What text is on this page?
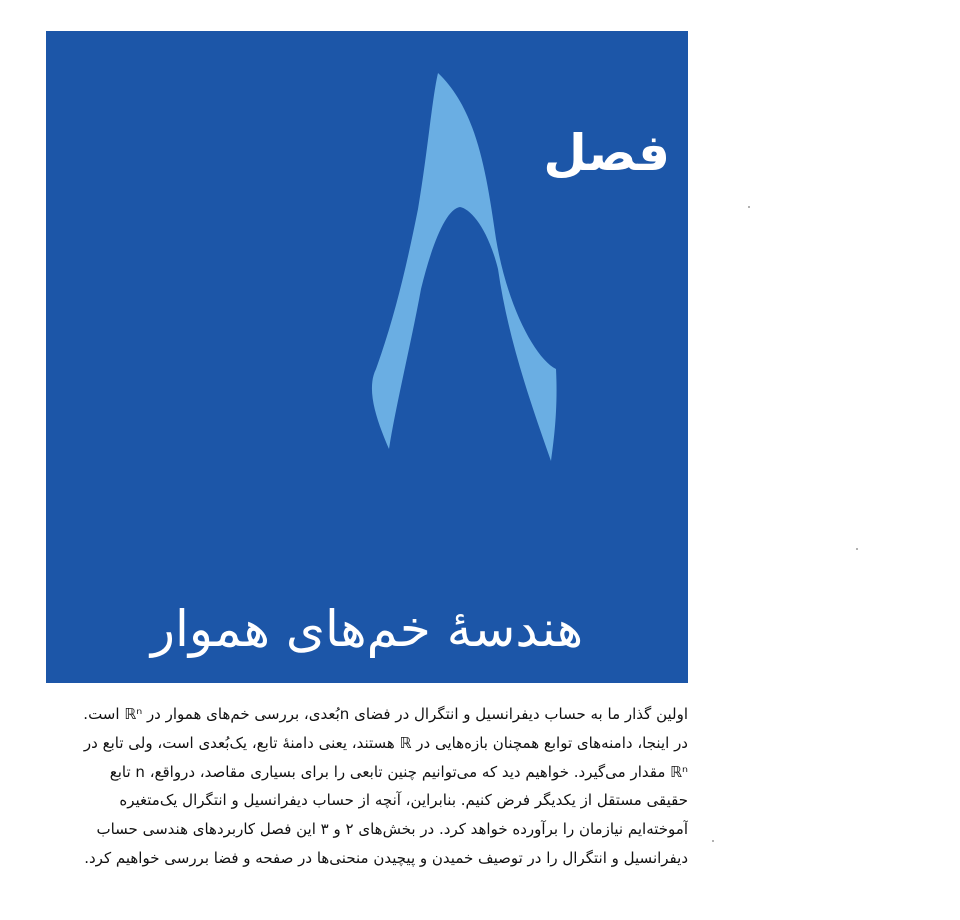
فصل

هندسهٔ خم‌های هموار

اولین گذار ما به حساب دیفرانسیل و انتگرال در فضای nبُعدی، بررسی خم‌های هموار در ℝⁿ است.
در اینجا، دامنه‌های توابع همچنان بازه‌هایی در ℝ هستند، یعنی دامنهٔ تابع، یک‌بُعدی است، ولی تابع در
ℝⁿ مقدار می‌گیرد. خواهیم دید که می‌توانیم چنین تابعی را برای بسیاری مقاصد، درواقع، n تابع
حقیقی مستقل از یکدیگر فرض کنیم. بنابراین، آنچه از حساب دیفرانسیل و انتگرال یک‌متغیره
آموخته‌ایم نیازمان را برآورده خواهد کرد. در بخش‌های ۲ و ۳ این فصل کاربردهای هندسی حساب
دیفرانسیل و انتگرال را در توصیف خمیدن و پیچیدن منحنی‌ها در صفحه و فضا بررسی خواهیم کرد.
